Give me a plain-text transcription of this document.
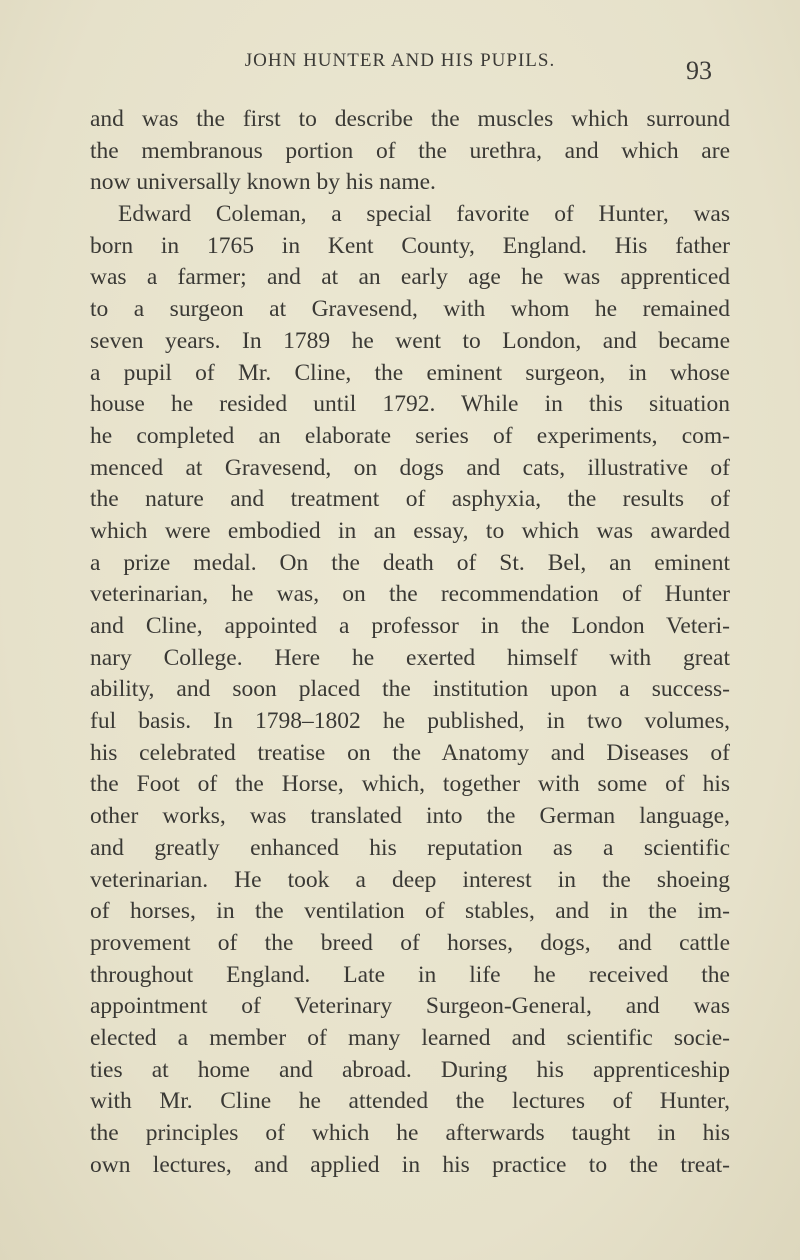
JOHN HUNTER AND HIS PUPILS.	93
and was the first to describe the muscles which surround
the membranous portion of the urethra, and which are
now universally known by his name.
Edward Coleman, a special favorite of Hunter, was
born in 1765 in Kent County, England. His father
was a farmer; and at an early age he was apprenticed
to a surgeon at Gravesend, with whom he remained
seven years. In 1789 he went to London, and became
a pupil of Mr. Cline, the eminent surgeon, in whose
house he resided until 1792. While in this situation
he completed an elaborate series of experiments, com-
menced at Gravesend, on dogs and cats, illustrative of
the nature and treatment of asphyxia, the results of
which were embodied in an essay, to which was awarded
a prize medal. On the death of St. Bel, an eminent
veterinarian, he was, on the recommendation of Hunter
and Cline, appointed a professor in the London Veteri-
nary College. Here he exerted himself with great
ability, and soon placed the institution upon a success-
ful basis. In 1798–1802 he published, in two volumes,
his celebrated treatise on the Anatomy and Diseases of
the Foot of the Horse, which, together with some of his
other works, was translated into the German language,
and greatly enhanced his reputation as a scientific
veterinarian. He took a deep interest in the shoeing
of horses, in the ventilation of stables, and in the im-
provement of the breed of horses, dogs, and cattle
throughout England. Late in life he received the
appointment of Veterinary Surgeon-General, and was
elected a member of many learned and scientific socie-
ties at home and abroad. During his apprenticeship
with Mr. Cline he attended the lectures of Hunter,
the principles of which he afterwards taught in his
own lectures, and applied in his practice to the treat-
